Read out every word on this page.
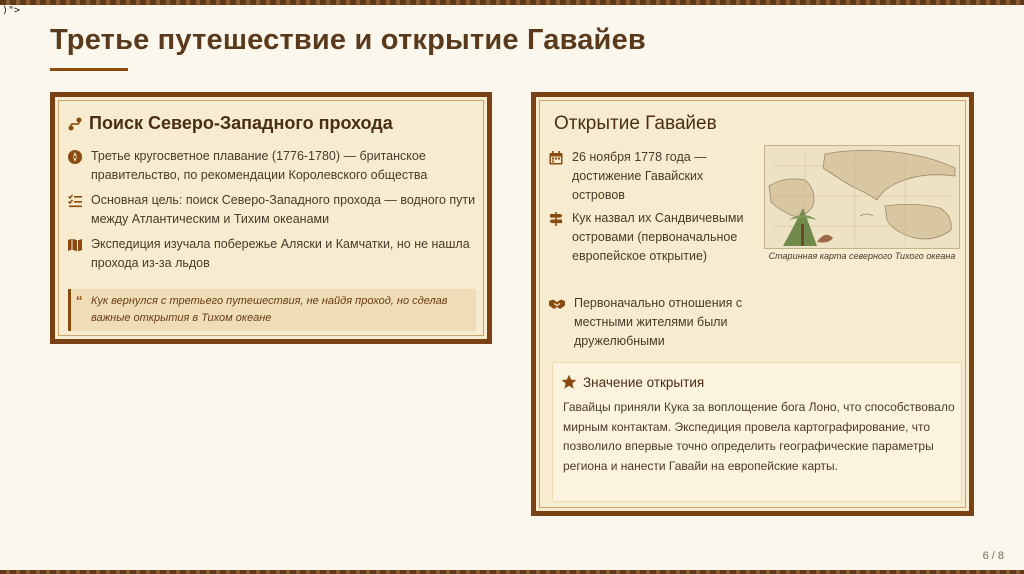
)">
Третье путешествие и открытие Гавайев
Поиск Северо-Западного прохода
Третье кругосветное плавание (1776-1780) — британское правительство, по рекомендации Королевского общества
Основная цель: поиск Северо-Западного прохода — водного пути между Атлантическим и Тихим океанами
Экспедиция изучала побережье Аляски и Камчатки, но не нашла прохода из-за льдов
“ Кук вернулся с третьего путешествия, не найдя проход, но сделав важные открытия в Тихом океане
Открытие Гавайев
26 ноября 1778 года — достижение Гавайских островов
Кук назвал их Сандвичевыми островами (первоначальное европейское открытие)
Первоначально отношения с местными жителями были дружелюбными
Старинная карта северного Тихого океана
Значение открытия

Гавайцы приняли Кука за воплощение бога Лоно, что способствовало мирным контактам. Экспедиция провела картографирование, что позволило впервые точно определить географические параметры региона и нанести Гавайи на европейские карты.

6 / 8
